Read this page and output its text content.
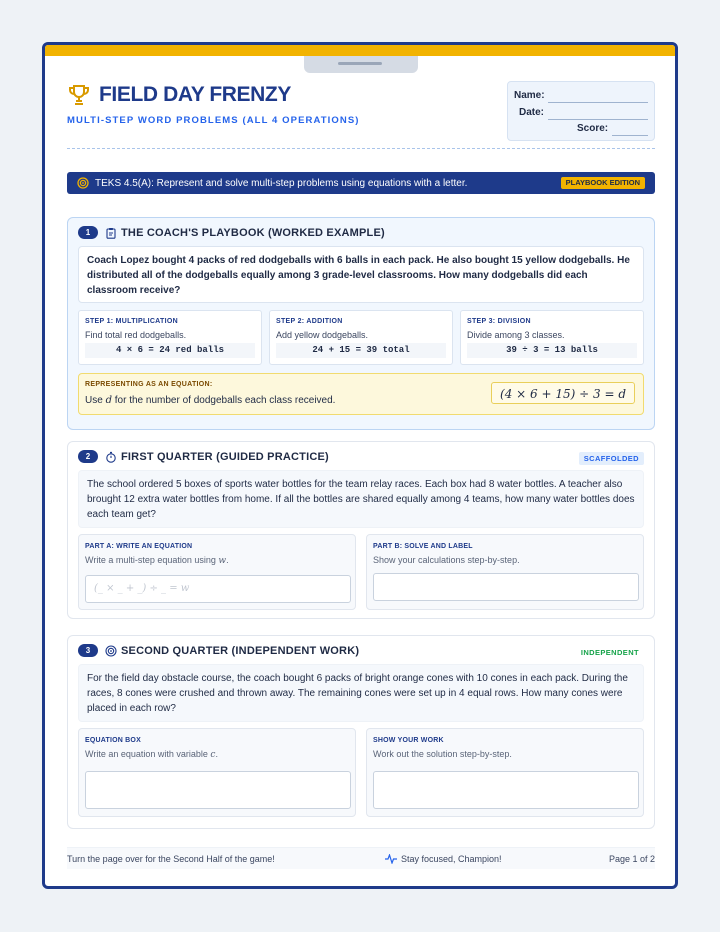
FIELD DAY FRENZY
MULTI-STEP WORD PROBLEMS (ALL 4 OPERATIONS)
Name:
Date:
Score:
TEKS 4.5(A): Represent and solve multi-step problems using equations with a letter.	PLAYBOOK EDITION
1	THE COACH'S PLAYBOOK (WORKED EXAMPLE)
Coach Lopez bought 4 packs of red dodgeballs with 6 balls in each pack. He also bought 15 yellow dodgeballs. He distributed all of the dodgeballs equally among 3 grade-level classrooms. How many dodgeballs did each classroom receive?
STEP 1: MULTIPLICATION
Find total red dodgeballs.
4 × 6 = 24 red balls
STEP 2: ADDITION
Add yellow dodgeballs.
24 + 15 = 39 total
STEP 3: DIVISION
Divide among 3 classes.
39 ÷ 3 = 13 balls
REPRESENTING AS AN EQUATION:
Use d for the number of dodgeballs each class received.	(4 × 6 + 15) ÷ 3 = d
2	FIRST QUARTER (GUIDED PRACTICE)	SCAFFOLDED
The school ordered 5 boxes of sports water bottles for the team relay races. Each box had 8 water bottles. A teacher also brought 12 extra water bottles from home. If all the bottles are shared equally among 4 teams, how many water bottles does each team get?
PART A: WRITE AN EQUATION
Write a multi-step equation using w.
(_ × _ + _) ÷ _ = w
PART B: SOLVE AND LABEL
Show your calculations step-by-step.
3	SECOND QUARTER (INDEPENDENT WORK)	INDEPENDENT
For the field day obstacle course, the coach bought 6 packs of bright orange cones with 10 cones in each pack. During the races, 8 cones were crushed and thrown away. The remaining cones were set up in 4 equal rows. How many cones were placed in each row?
EQUATION BOX
Write an equation with variable c.
SHOW YOUR WORK
Work out the solution step-by-step.
Turn the page over for the Second Half of the game!	Stay focused, Champion!	Page 1 of 2
